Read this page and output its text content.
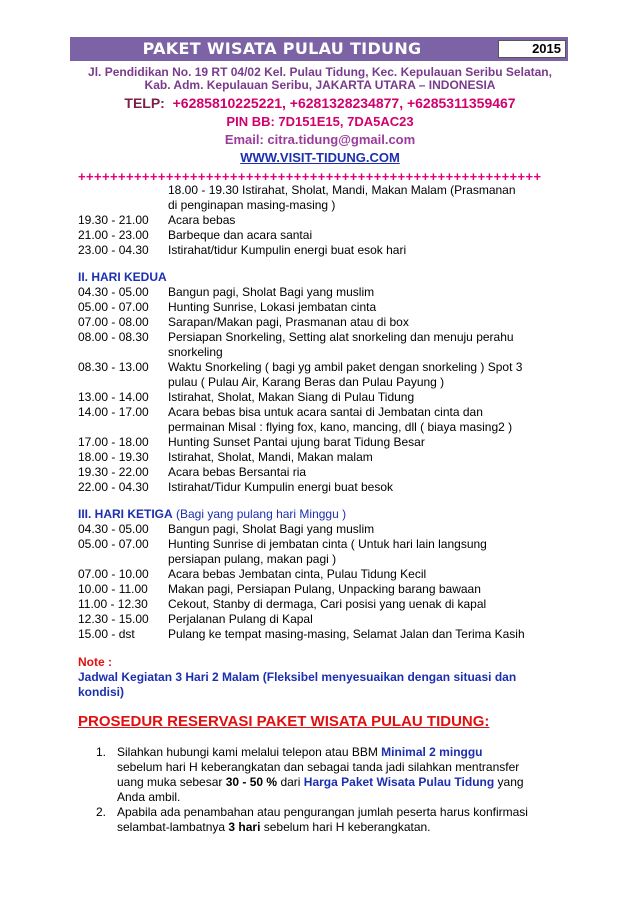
PAKET WISATA PULAU TIDUNG	2015
Jl. Pendidikan No. 19 RT 04/02 Kel. Pulau Tidung, Kec. Kepulauan Seribu Selatan,
Kab. Adm. Kepulauan Seribu, JAKARTA UTARA – INDONESIA
TELP: +6285810225221, +6281328234877, +6285311359467
PIN BB: 7D151E15, 7DA5AC23
Email: citra.tidung@gmail.com
WWW.VISIT-TIDUNG.COM
++++++++++++++++++++++++++++++++++++++++++++++++++++++++++
18.00 - 19.30 Istirahat, Sholat, Mandi, Makan Malam (Prasmanan
di penginapan masing-masing )
19.30 - 21.00 Acara bebas
21.00 - 23.00 Barbeque dan acara santai
23.00 - 04.30 Istirahat/tidur Kumpulin energi buat esok hari
II. HARI KEDUA
04.30 - 05.00 Bangun pagi, Sholat Bagi yang muslim
05.00 - 07.00 Hunting Sunrise, Lokasi jembatan cinta
07.00 - 08.00 Sarapan/Makan pagi, Prasmanan atau di box
08.00 - 08.30 Persiapan Snorkeling, Setting alat snorkeling dan menuju perahu
snorkeling
08.30 - 13.00 Waktu Snorkeling ( bagi yg ambil paket dengan snorkeling ) Spot 3
pulau ( Pulau Air, Karang Beras dan Pulau Payung )
13.00 - 14.00 Istirahat, Sholat, Makan Siang di Pulau Tidung
14.00 - 17.00 Acara bebas bisa untuk acara santai di Jembatan cinta dan
permainan Misal : flying fox, kano, mancing, dll ( biaya masing2 )
17.00 - 18.00 Hunting Sunset Pantai ujung barat Tidung Besar
18.00 - 19.30 Istirahat, Sholat, Mandi, Makan malam
19.30 - 22.00 Acara bebas Bersantai ria
22.00 - 04.30 Istirahat/Tidur Kumpulin energi buat besok
III. HARI KETIGA (Bagi yang pulang hari Minggu )
04.30 - 05.00 Bangun pagi, Sholat Bagi yang muslim
05.00 - 07.00 Hunting Sunrise di jembatan cinta ( Untuk hari lain langsung
persiapan pulang, makan pagi )
07.00 - 10.00 Acara bebas Jembatan cinta, Pulau Tidung Kecil
10.00 - 11.00 Makan pagi, Persiapan Pulang, Unpacking barang bawaan
11.00 - 12.30 Cekout, Stanby di dermaga, Cari posisi yang uenak di kapal
12.30 - 15.00 Perjalanan Pulang di Kapal
15.00 - dst	Pulang ke tempat masing-masing, Selamat Jalan dan Terima Kasih
Note :
Jadwal Kegiatan 3 Hari 2 Malam (Fleksibel menyesuaikan dengan situasi dan
kondisi)
PROSEDUR RESERVASI PAKET WISATA PULAU TIDUNG:
1. Silahkan hubungi kami melalui telepon atau BBM Minimal 2 minggu
sebelum hari H keberangkatan dan sebagai tanda jadi silahkan mentransfer
uang muka sebesar 30 - 50 % dari Harga Paket Wisata Pulau Tidung yang
Anda ambil.
2. Apabila ada penambahan atau pengurangan jumlah peserta harus konfirmasi
selambat-lambatnya 3 hari sebelum hari H keberangkatan.
